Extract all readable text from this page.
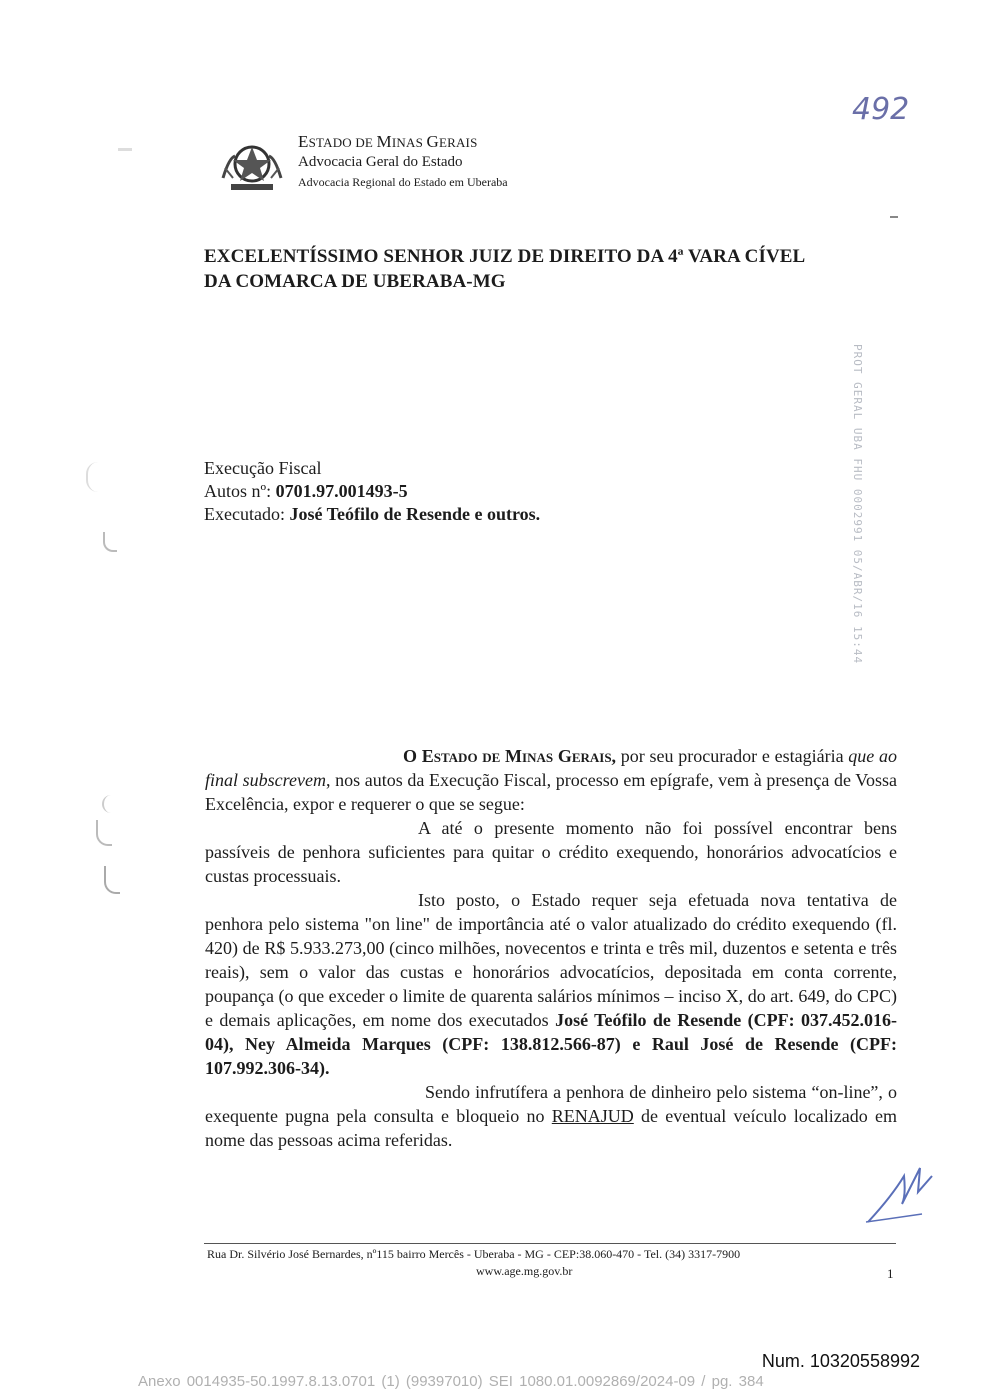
492
ESTADO DE MINAS GERAIS
Advocacia Geral do Estado
Advocacia Regional do Estado em Uberaba
EXCELENTÍSSIMO SENHOR JUIZ DE DIREITO DA 4ª VARA CÍVEL
DA COMARCA DE UBERABA-MG
PROT GERAL UBA FHU 0002991 05/ABR/16 15:44
Execução Fiscal
Autos nº: 0701.97.001493-5
Executado: José Teófilo de Resende e outros.

O Estado de Minas Gerais, por seu procurador e estagiária que ao final subscrevem, nos autos da Execução Fiscal, processo em epígrafe, vem à presença de Vossa Excelência, expor e requerer o que se segue:

A até o presente momento não foi possível encontrar bens passíveis de penhora suficientes para quitar o crédito exequendo, honorários advocatícios e custas processuais.

Isto posto, o Estado requer seja efetuada nova tentativa de penhora pelo sistema "on line" de importância até o valor atualizado do crédito exequendo (fl. 420) de R$ 5.933.273,00 (cinco milhões, novecentos e trinta e três mil, duzentos e setenta e três reais), sem o valor das custas e honorários advocatícios, depositada em conta corrente, poupança (o que exceder o limite de quarenta salários mínimos – inciso X, do art. 649, do CPC) e demais aplicações, em nome dos executados José Teófilo de Resende (CPF: 037.452.016-04), Ney Almeida Marques (CPF: 138.812.566-87) e Raul José de Resende (CPF: 107.992.306-34).

Sendo infrutífera a penhora de dinheiro pelo sistema “on-line”, o exequente pugna pela consulta e bloqueio no RENAJUD de eventual veículo localizado em nome das pessoas acima referidas.

Rua Dr. Silvério José Bernardes, nº115 bairro Mercês - Uberaba - MG - CEP:38.060-470 - Tel. (34) 3317-7900
www.age.mg.gov.br	1
Num. 10320558992
Anexo 0014935-50.1997.8.13.0701 (1) (99397010) SEI 1080.01.0092869/2024-09 / pg. 384
